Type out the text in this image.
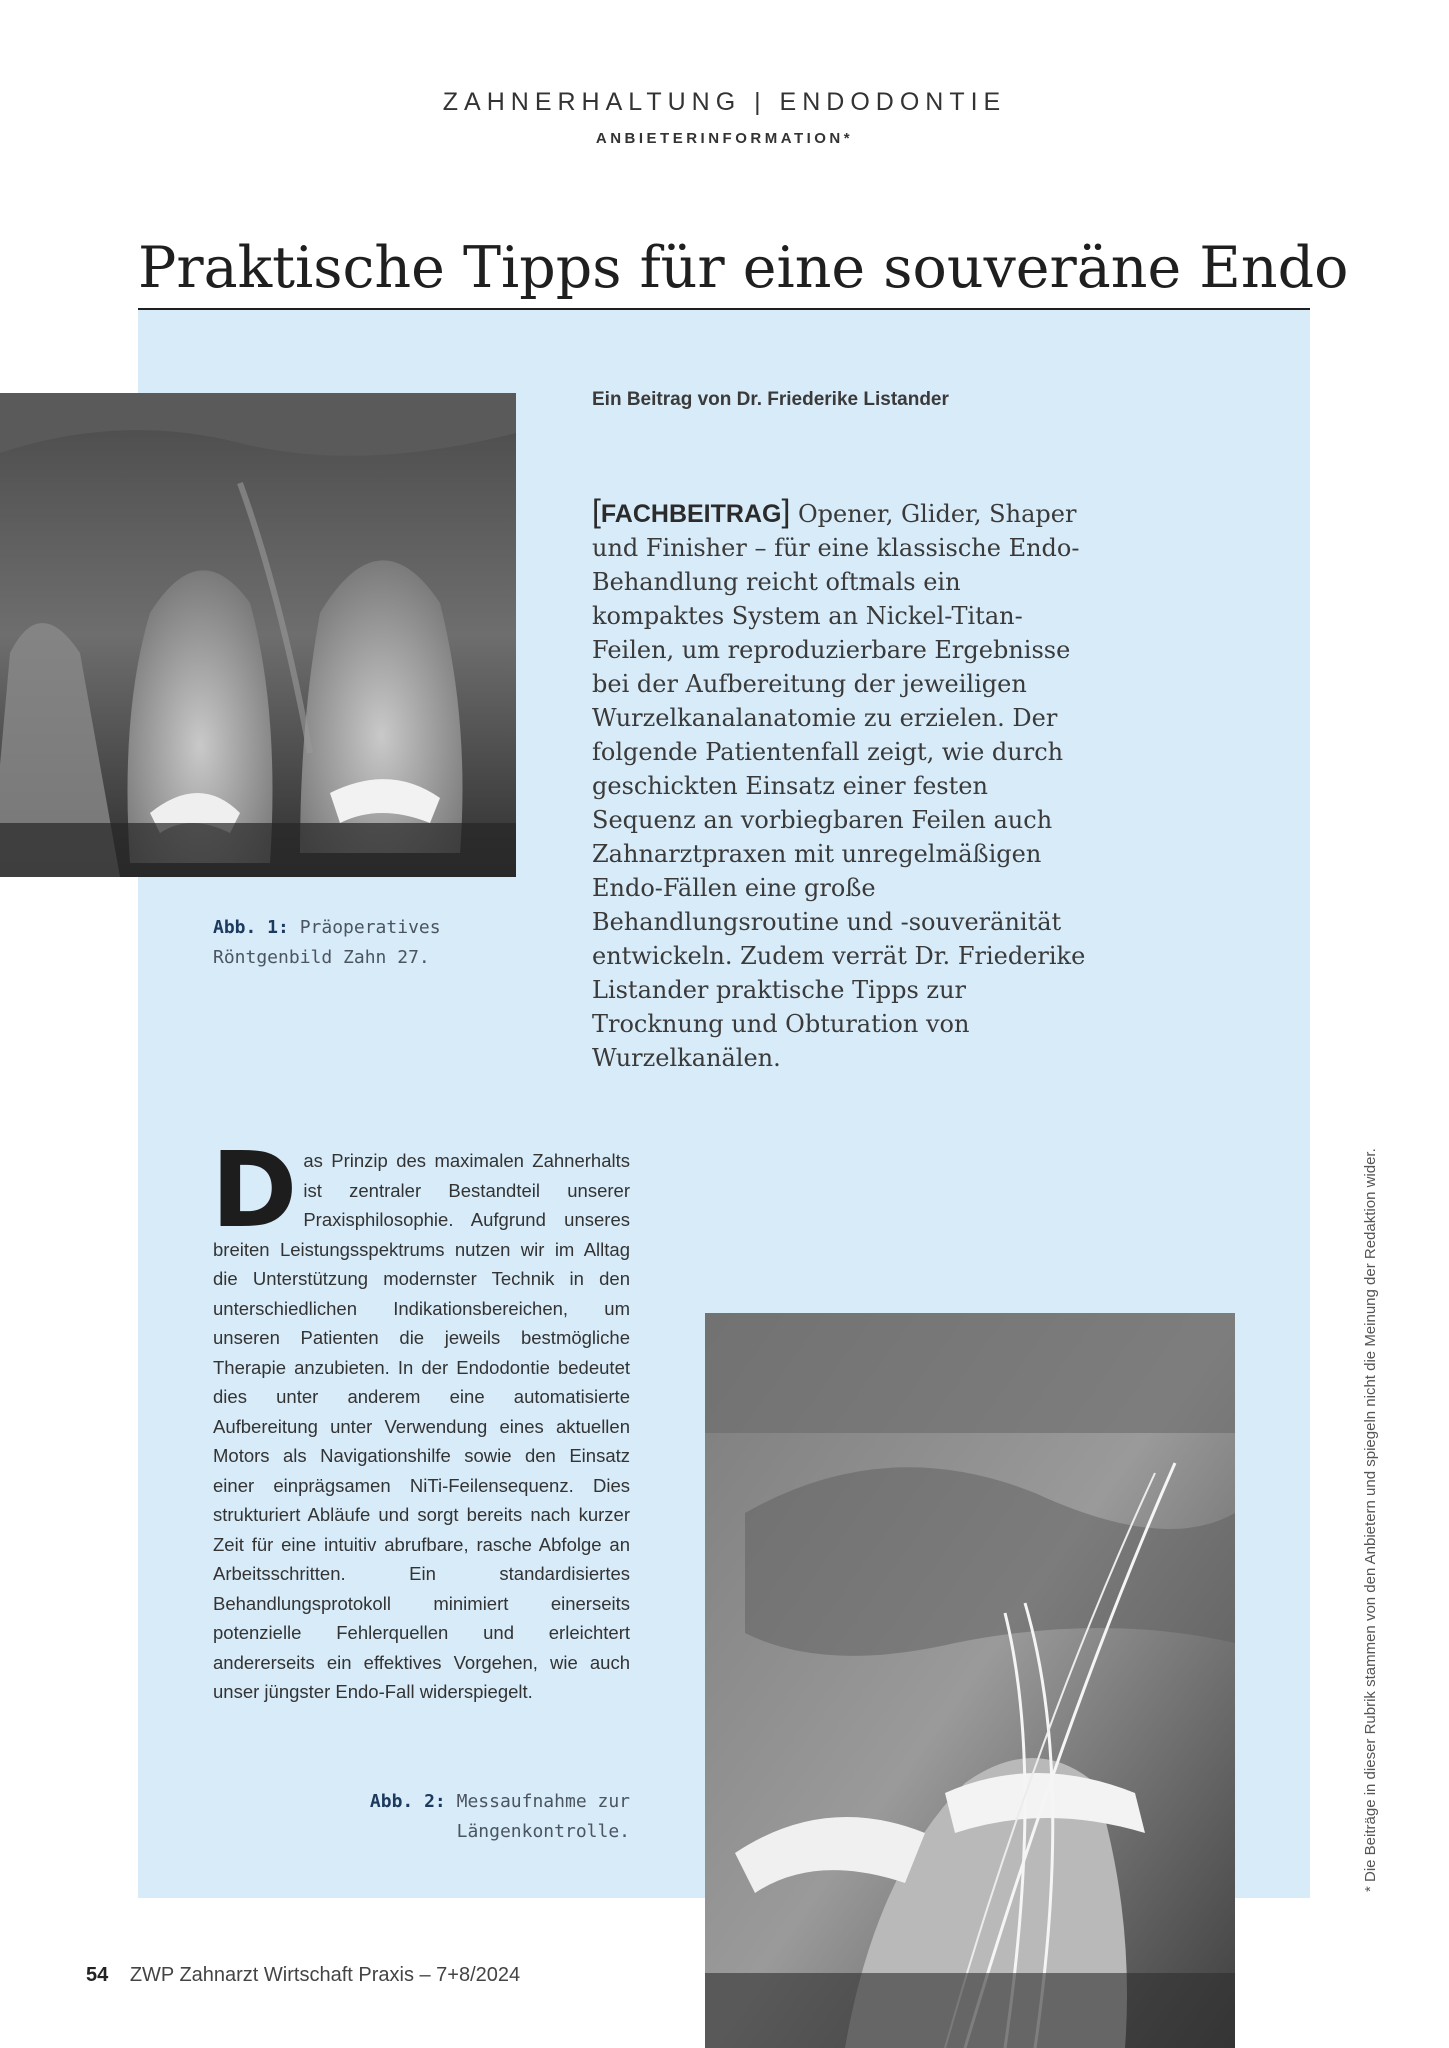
ZAHNERHALTUNG | ENDODONTIE
ANBIETERINFORMATION*
Praktische Tipps für eine souveräne Endo
Abb. 1: Präoperatives Röntgenbild Zahn 27.
Ein Beitrag von Dr. Friederike Listander
[FACHBEITRAG] Opener, Glider, Shaper und Finisher – für eine klassische Endo-Behandlung reicht oftmals ein kompaktes System an Nickel-Titan-Feilen, um reproduzierbare Ergebnisse bei der Aufbereitung der jeweiligen Wurzelkanalanatomie zu erzielen. Der folgende Patientenfall zeigt, wie durch geschickten Einsatz einer festen Sequenz an vorbiegbaren Feilen auch Zahnarztpraxen mit unregelmäßigen Endo-Fällen eine große Behandlungsroutine und -souveränität entwickeln. Zudem verrät Dr. Friederike Listander praktische Tipps zur Trocknung und Obturation von Wurzelkanälen.
Das Prinzip des maximalen Zahnerhalts ist zentraler Bestandteil unserer Praxisphilosophie. Aufgrund unseres breiten Leistungsspektrums nutzen wir im Alltag die Unterstützung modernster Technik in den unterschiedlichen Indikationsbereichen, um unseren Patienten die jeweils bestmögliche Therapie anzubieten. In der Endodontie bedeutet dies unter anderem eine automatisierte Aufbereitung unter Verwendung eines aktuellen Motors als Navigationshilfe sowie den Einsatz einer einprägsamen NiTi-Feilensequenz. Dies strukturiert Abläufe und sorgt bereits nach kurzer Zeit für eine intuitiv abrufbare, rasche Abfolge an Arbeitsschritten. Ein standardisiertes Behandlungsprotokoll minimiert einerseits potenzielle Fehlerquellen und erleichtert andererseits ein effektives Vorgehen, wie auch unser jüngster Endo-Fall widerspiegelt.
Abb. 2: Messaufnahme zur Längenkontrolle.	* Die Beiträge in dieser Rubrik stammen von den Anbietern und spiegeln nicht die Meinung der Redaktion wider.
54 ZWP Zahnarzt Wirtschaft Praxis – 7+8/2024
